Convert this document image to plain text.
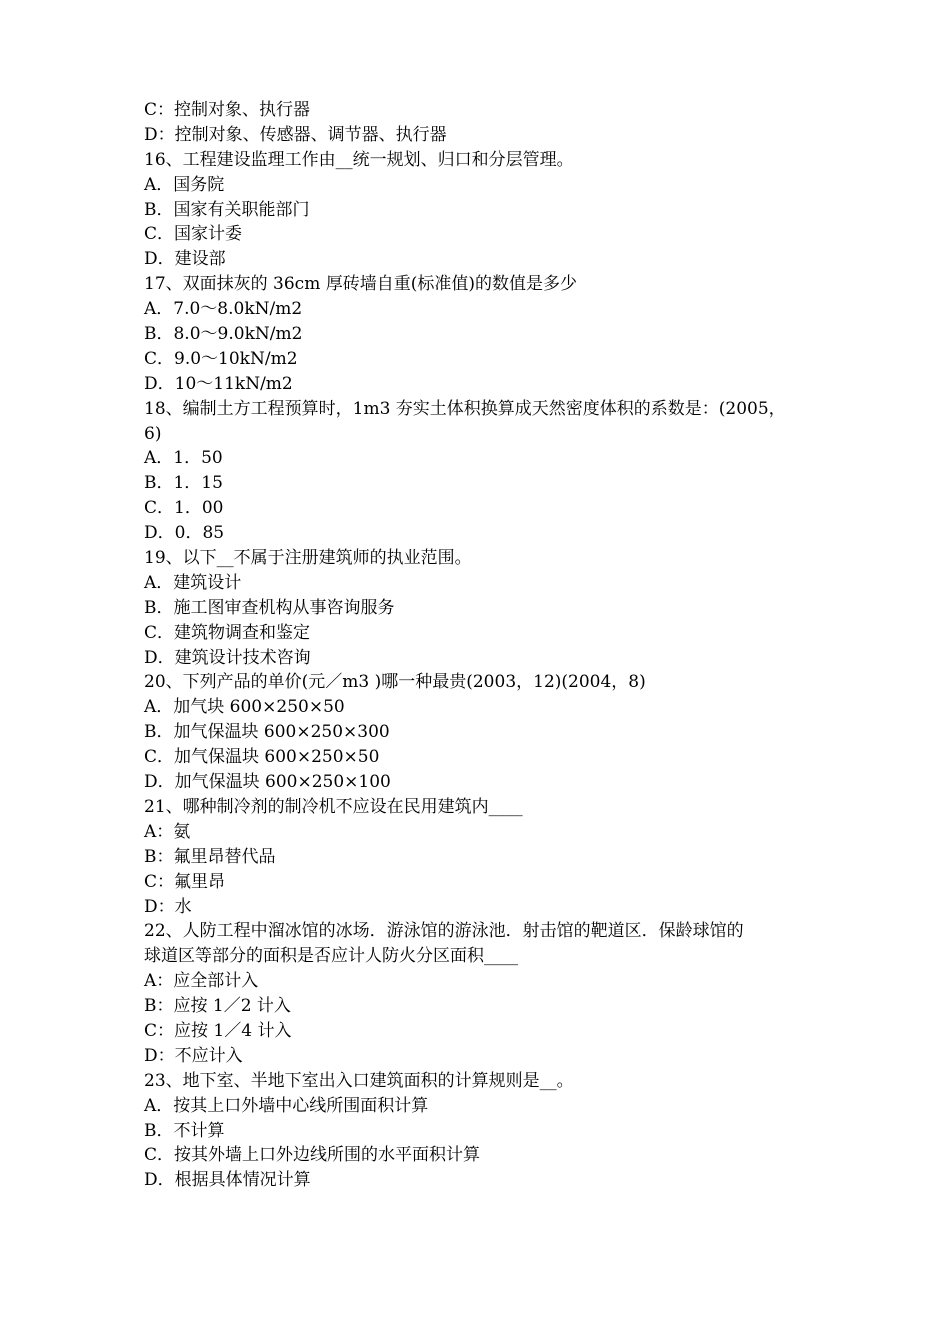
C：控制对象、执行器
D：控制对象、传感器、调节器、执行器
16、工程建设监理工作由__统一规划、归口和分层管理。
A．国务院
B．国家有关职能部门
C．国家计委
D．建设部
17、双面抹灰的 36cm 厚砖墙自重(标准值)的数值是多少
A．7.0～8.0kN/m2
B．8.0～9.0kN/m2
C．9.0～10kN/m2
D．10～11kN/m2
18、编制土方工程预算时，1m3 夯实土体积换算成天然密度体积的系数是：(2005，
6)
A．1．50
B．1．15
C．1．00
D．0．85
19、以下__不属于注册建筑师的执业范围。
A．建筑设计
B．施工图审查机构从事咨询服务
C．建筑物调查和鉴定
D．建筑设计技术咨询
20、下列产品的单价(元／m3 )哪一种最贵(2003，12)(2004，8)
A．加气块 600×250×50
B．加气保温块 600×250×300
C．加气保温块 600×250×50
D．加气保温块 600×250×100
21、哪种制冷剂的制冷机不应设在民用建筑内____
A：氨
B：氟里昂替代品
C：氟里昂
D：水
22、人防工程中溜冰馆的冰场．游泳馆的游泳池．射击馆的靶道区．保龄球馆的
球道区等部分的面积是否应计人防火分区面积____
A：应全部计入
B：应按 1／2 计入
C：应按 1／4 计入
D：不应计入
23、地下室、半地下室出入口建筑面积的计算规则是__。
A．按其上口外墙中心线所围面积计算
B．不计算
C．按其外墙上口外边线所围的水平面积计算
D．根据具体情况计算
